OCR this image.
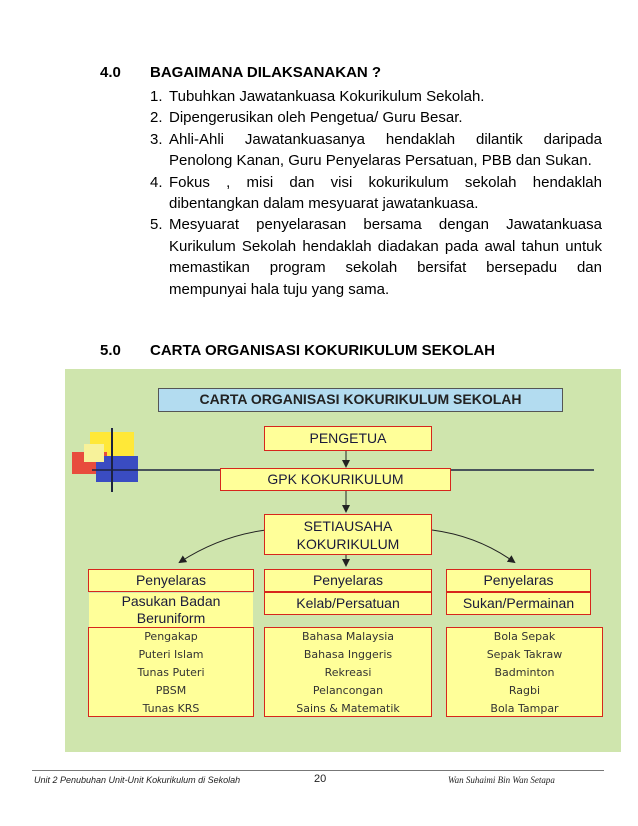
4.0 BAGAIMANA DILAKSANAKAN ?
1. Tubuhkan Jawatankuasa Kokurikulum Sekolah.
2. Dipengerusikan oleh Pengetua/ Guru Besar.
3. Ahli-Ahli Jawatankuasanya hendaklah dilantik daripada Penolong Kanan, Guru Penyelaras Persatuan, PBB dan Sukan.
4. Fokus , misi dan visi kokurikulum sekolah hendaklah dibentangkan dalam mesyuarat jawatankuasa.
5. Mesyuarat penyelarasan bersama dengan Jawatankuasa Kurikulum Sekolah hendaklah diadakan pada awal tahun untuk memastikan program sekolah bersifat bersepadu dan mempunyai hala tuju yang sama.
5.0 CARTA ORGANISASI KOKURIKULUM SEKOLAH
CARTA ORGANISASI KOKURIKULUM SEKOLAH
PENGETUA
GPK KOKURIKULUM
SETIAUSAHA
KOKURIKULUM
Penyelaras
Pasukan Badan
Beruniform
Pengakap
Puteri Islam
Tunas Puteri
PBSM
Tunas KRS
Penyelaras
Kelab/Persatuan
Bahasa Malaysia
Bahasa Inggeris
Rekreasi
Pelancongan
Sains & Matematik
Penyelaras
Sukan/Permainan
Bola Sepak
Sepak Takraw
Badminton
Ragbi
Bola Tampar
Unit 2 Penubuhan Unit-Unit Kokurikulum di Sekolah	20	Wan Suhaimi Bin Wan Setapa
